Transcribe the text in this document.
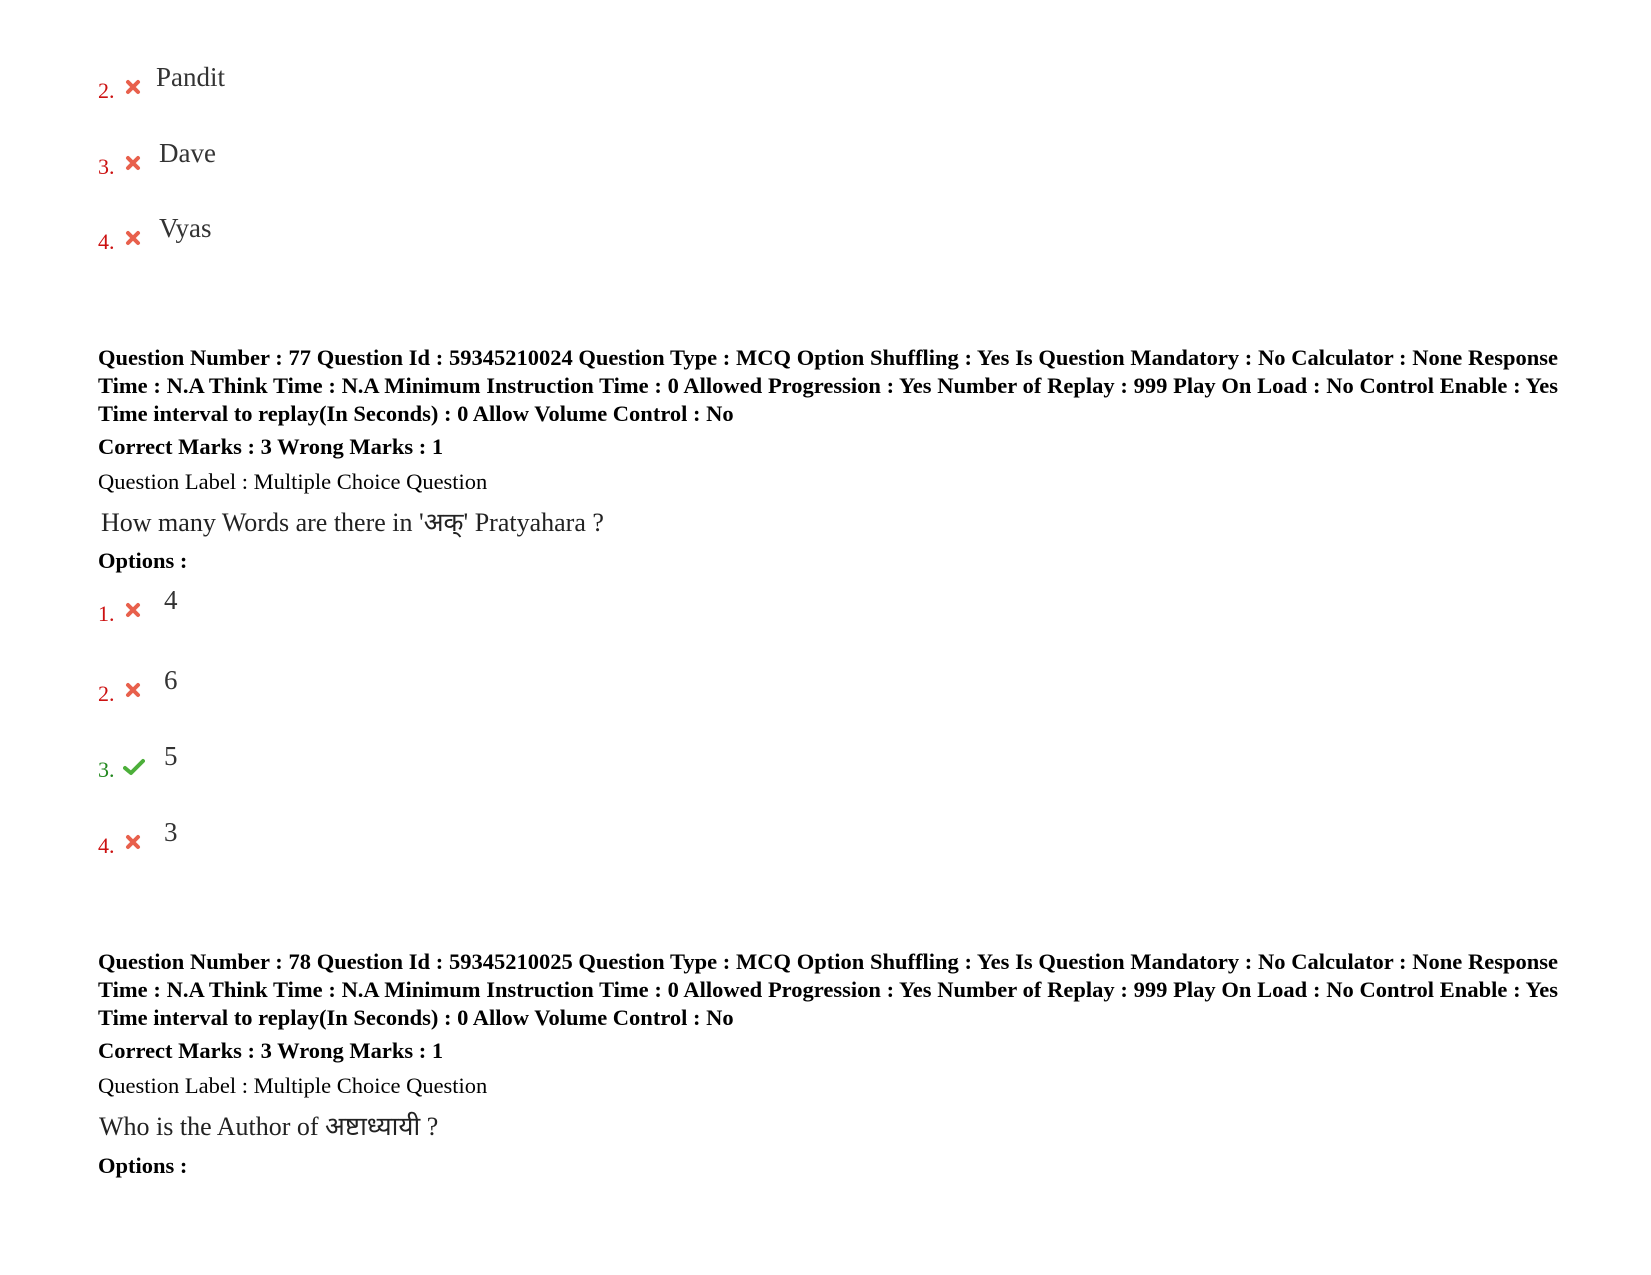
2. Pandit
3. Dave
4. Vyas
Question Number : 77 Question Id : 59345210024 Question Type : MCQ Option Shuffling : Yes Is Question Mandatory : No Calculator : None Response Time : N.A Think Time : N.A Minimum Instruction Time : 0 Allowed Progression : Yes Number of Replay : 999 Play On Load : No Control Enable : Yes Time interval to replay(In Seconds) : 0 Allow Volume Control : No
Correct Marks : 3 Wrong Marks : 1
Question Label : Multiple Choice Question
How many Words are there in 'अक्' Pratyahara ?
Options :
1. 4
2. 6
3. 5
4. 3
Question Number : 78 Question Id : 59345210025 Question Type : MCQ Option Shuffling : Yes Is Question Mandatory : No Calculator : None Response Time : N.A Think Time : N.A Minimum Instruction Time : 0 Allowed Progression : Yes Number of Replay : 999 Play On Load : No Control Enable : Yes Time interval to replay(In Seconds) : 0 Allow Volume Control : No
Correct Marks : 3 Wrong Marks : 1
Question Label : Multiple Choice Question
Who is the Author of अष्टाध्यायी ?
Options :
